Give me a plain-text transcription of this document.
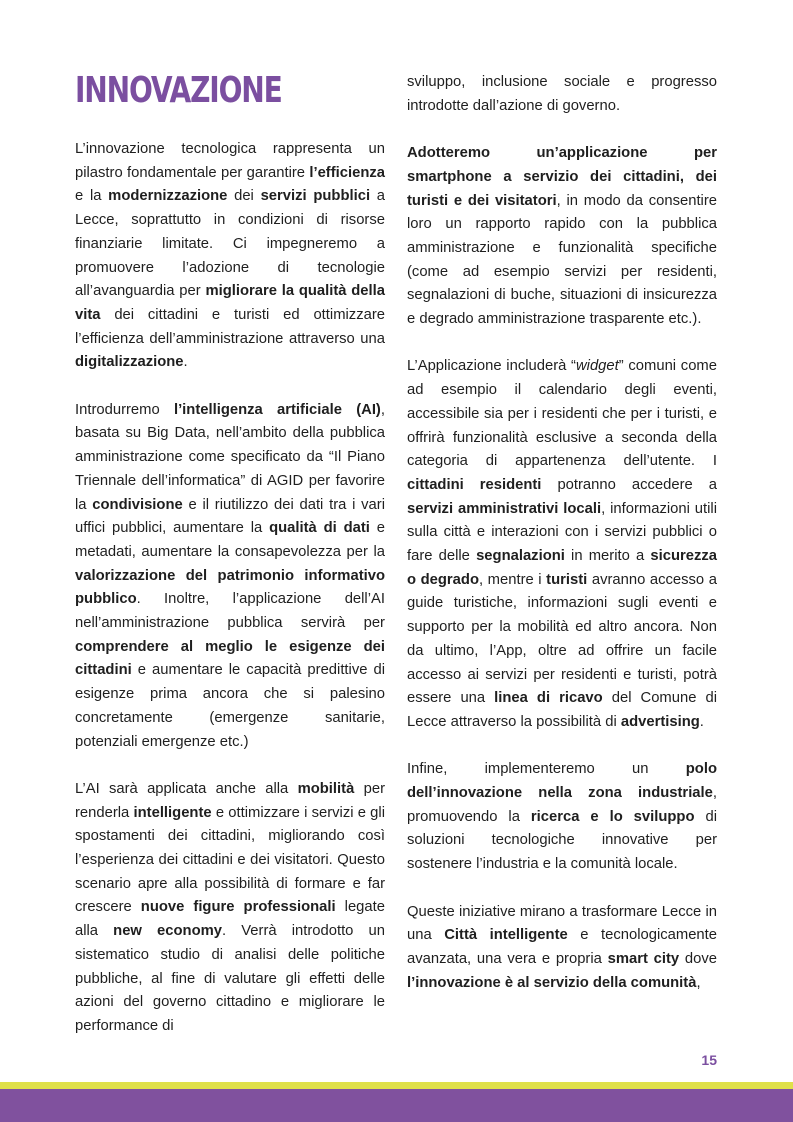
INNOVAZIONE

L’innovazione tecnologica rappresenta un pilastro fondamentale per garantire l’efficienza e la modernizzazione dei servizi pubblici a Lecce, soprattutto in condizioni di risorse finanziarie limitate. Ci impegneremo a promuovere l’adozione di tecnologie all’avanguardia per migliorare la qualità della vita dei cittadini e turisti ed ottimizzare l’efficienza dell’amministrazione attraverso una digitalizzazione.

Introdurremo l’intelligenza artificiale (AI), basata su Big Data, nell’ambito della pubblica amministrazione come specificato da “Il Piano Triennale dell’informatica” di AGID per favorire la condivisione e il riutilizzo dei dati tra i vari uffici pubblici, aumentare la qualità di dati e metadati, aumentare la consapevolezza per la valorizzazione del patrimonio informativo pubblico. Inoltre, l’applicazione dell’AI nell’amministrazione pubblica servirà per comprendere al meglio le esigenze dei cittadini e aumentare le capacità predittive di esigenze prima ancora che si palesino concretamente (emergenze sanitarie, potenziali emergenze etc.)

L’AI sarà applicata anche alla mobilità per renderla intelligente e ottimizzare i servizi e gli spostamenti dei cittadini, migliorando così l’esperienza dei cittadini e dei visitatori. Questo scenario apre alla possibilità di formare e far crescere nuove figure professionali legate alla new economy. Verrà introdotto un sistematico studio di analisi delle politiche pubbliche, al fine di valutare gli effetti delle azioni del governo cittadino e migliorare le performance di

sviluppo, inclusione sociale e progresso introdotte dall’azione di governo.

Adotteremo un’applicazione per smartphone a servizio dei cittadini, dei turisti e dei visitatori, in modo da consentire loro un rapporto rapido con la pubblica amministrazione e funzionalità specifiche (come ad esempio servizi per residenti, segnalazioni di buche, situazioni di insicurezza e degrado amministrazione trasparente etc.).

L’Applicazione includerà “widget” comuni come ad esempio il calendario degli eventi, accessibile sia per i residenti che per i turisti, e offrirà funzionalità esclusive a seconda della categoria di appartenenza dell’utente. I cittadini residenti potranno accedere a servizi amministrativi locali, informazioni utili sulla città e interazioni con i servizi pubblici o fare delle segnalazioni in merito a sicurezza o degrado, mentre i turisti avranno accesso a guide turistiche, informazioni sugli eventi e supporto per la mobilità ed altro ancora. Non da ultimo, l’App, oltre ad offrire un facile accesso ai servizi per residenti e turisti, potrà essere una linea di ricavo del Comune di Lecce attraverso la possibilità di advertising.

Infine, implementeremo un polo dell’innovazione nella zona industriale, promuovendo la ricerca e lo sviluppo di soluzioni tecnologiche innovative per sostenere l’industria e la comunità locale.

Queste iniziative mirano a trasformare Lecce in una Città intelligente e tecnologicamente avanzata, una vera e propria smart city dove l’innovazione è al servizio della comunità,

15
